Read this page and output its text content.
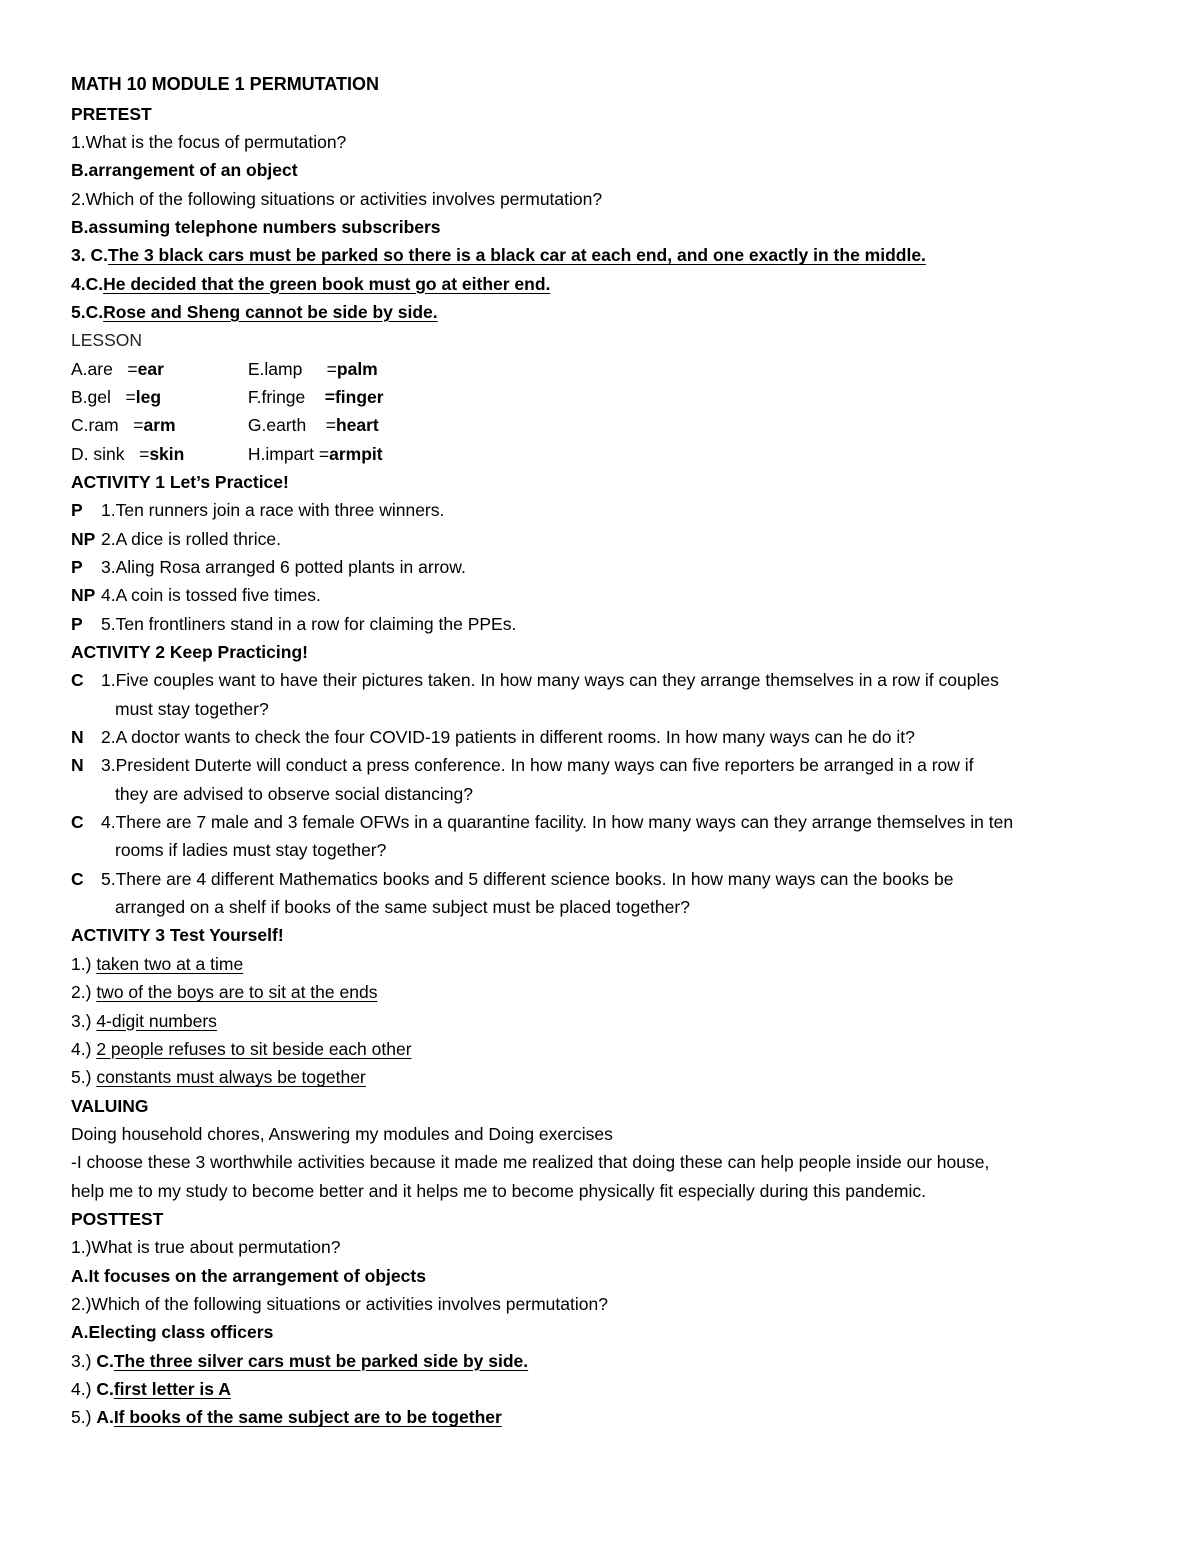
MATH 10 MODULE 1 PERMUTATION
PRETEST
1.What is the focus of permutation?
B.arrangement of an object
2.Which of the following situations or activities involves permutation?
B.assuming telephone numbers subscribers
3. C.The 3 black cars must be parked so there is a black car at each end, and one exactly in the middle.
4.C.He decided that the green book must go at either end.
5.C.Rose and Sheng cannot be side by side.
LESSON
A.are =ear	E.lamp =palm
B.gel =leg	F.fringe =finger
C.ram =arm	G.earth =heart
D. sink =skin	H.impart =armpit
ACTIVITY 1 Let’s Practice!
P 1.Ten runners join a race with three winners.
NP 2.A dice is rolled thrice.
P 3.Aling Rosa arranged 6 potted plants in arrow.
NP 4.A coin is tossed five times.
P 5.Ten frontliners stand in a row for claiming the PPEs.
ACTIVITY 2 Keep Practicing!
C 1.Five couples want to have their pictures taken. In how many ways can they arrange themselves in a row if couples
must stay together?
N 2.A doctor wants to check the four COVID-19 patients in different rooms. In how many ways can he do it?
N 3.President Duterte will conduct a press conference. In how many ways can five reporters be arranged in a row if
they are advised to observe social distancing?
C 4.There are 7 male and 3 female OFWs in a quarantine facility. In how many ways can they arrange themselves in ten
rooms if ladies must stay together?
C 5.There are 4 different Mathematics books and 5 different science books. In how many ways can the books be
arranged on a shelf if books of the same subject must be placed together?
ACTIVITY 3 Test Yourself!
1.) taken two at a time
2.) two of the boys are to sit at the ends
3.) 4-digit numbers
4.) 2 people refuses to sit beside each other
5.) constants must always be together
VALUING
Doing household chores, Answering my modules and Doing exercises
-I choose these 3 worthwhile activities because it made me realized that doing these can help people inside our house,
help me to my study to become better and it helps me to become physically fit especially during this pandemic.
POSTTEST
1.)What is true about permutation?
A.It focuses on the arrangement of objects
2.)Which of the following situations or activities involves permutation?
A.Electing class officers
3.) C.The three silver cars must be parked side by side.
4.) C.first letter is A
5.) A.If books of the same subject are to be together
